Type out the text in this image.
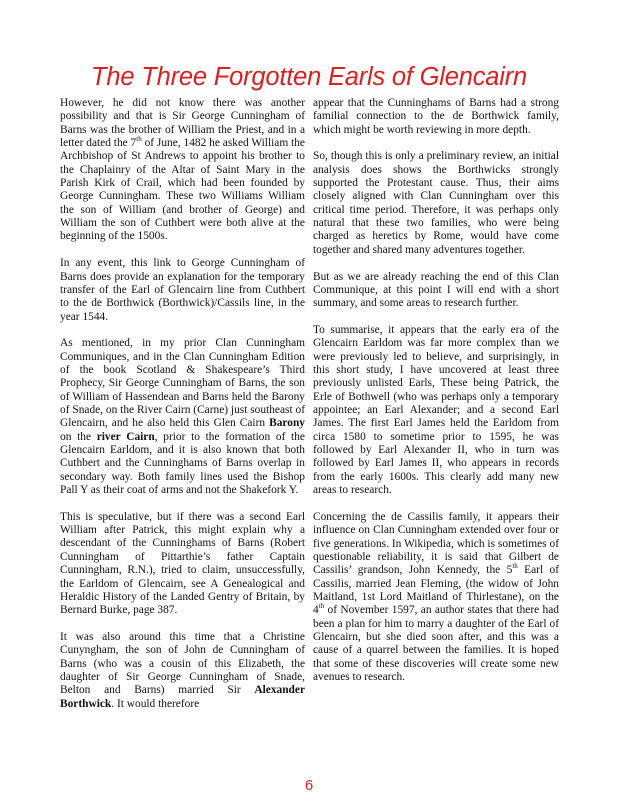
The Three Forgotten Earls of Glencairn

However, he did not know there was another possibility and that is Sir George Cunningham of Barns was the brother of William the Priest, and in a letter dated the 7th of June, 1482 he asked William the Archbishop of St Andrews to appoint his brother to the Chaplainry of the Altar of Saint Mary in the Parish Kirk of Crail, which had been founded by George Cunningham. These two Williams William the son of William (and brother of George) and William the son of Cuthbert were both alive at the beginning of the 1500s.

In any event, this link to George Cunningham of Barns does provide an explanation for the temporary transfer of the Earl of Glencairn line from Cuthbert to the de Borthwick (Borthwick)/Cassils line, in the year 1544.

As mentioned, in my prior Clan Cunningham Communiques, and in the Clan Cunningham Edition of the book Scotland & Shakespeare’s Third Prophecy, Sir George Cunningham of Barns, the son of William of Hassendean and Barns held the Barony of Snade, on the River Cairn (Carne) just southeast of Glencairn, and he also held this Glen Cairn Barony on the river Cairn, prior to the formation of the Glencairn Earldom, and it is also known that both Cuthbert and the Cunninghams of Barns overlap in secondary way. Both family lines used the Bishop Pall Y as their coat of arms and not the Shakefork Y.

This is speculative, but if there was a second Earl William after Patrick, this might explain why a descendant of the Cunninghams of Barns (Robert Cunningham of Pittarthie’s father Captain Cunningham, R.N.), tried to claim, unsuccessfully, the Earldom of Glencairn, see A Genealogical and Heraldic History of the Landed Gentry of Britain, by Bernard Burke, page 387.

It was also around this time that a Christine Cunyngham, the son of John de Cunningham of Barns (who was a cousin of this Elizabeth, the daughter of Sir George Cunningham of Snade, Belton and Barns) married Sir Alexander Borthwick. It would therefore

appear that the Cunninghams of Barns had a strong familial connection to the de Borthwick family, which might be worth reviewing in more depth.

So, though this is only a preliminary review, an initial analysis does shows the Borthwicks strongly supported the Protestant cause. Thus, their aims closely aligned with Clan Cunningham over this critical time period. Therefore, it was perhaps only natural that these two families, who were being charged as heretics by Rome, would have come together and shared many adventures together.

But as we are already reaching the end of this Clan Communique, at this point I will end with a short summary, and some areas to research further.

To summarise, it appears that the early era of the Glencairn Earldom was far more complex than we were previously led to believe, and surprisingly, in this short study, I have uncovered at least three previously unlisted Earls, These being Patrick, the Erle of Bothwell (who was perhaps only a temporary appointee; an Earl Alexander; and a second Earl James. The first Earl James held the Earldom from circa 1580 to sometime prior to 1595, he was followed by Earl Alexander II, who in turn was followed by Earl James II, who appears in records from the early 1600s. This clearly add many new areas to research.

Concerning the de Cassilis family, it appears their influence on Clan Cunningham extended over four or five generations. In Wikipedia, which is sometimes of questionable reliability, it is said that Gilbert de Cassilis’ grandson, John Kennedy, the 5th Earl of Cassilis, married Jean Fleming, (the widow of John Maitland, 1st Lord Maitland of Thirlestane), on the 4th of November 1597, an author states that there had been a plan for him to marry a daughter of the Earl of Glencairn, but she died soon after, and this was a cause of a quarrel between the families. It is hoped that some of these discoveries will create some new avenues to research.

6
